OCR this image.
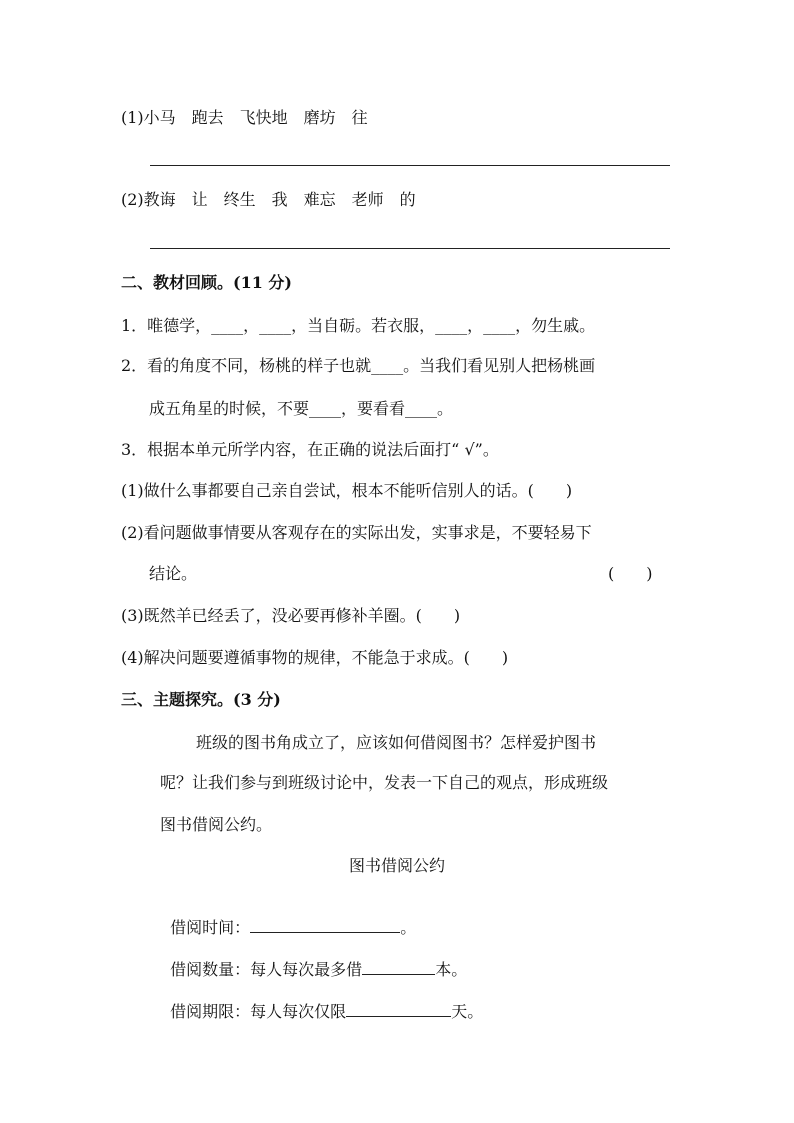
(1)小马　跑去　飞快地　磨坊　往
(2)教诲　让　终生　我　难忘　老师　的
二、教材回顾。(11 分)
1．唯德学，____，____，当自砺。若衣服，____，____，勿生戚。
2．看的角度不同，杨桃的样子也就____。当我们看见别人把杨桃画
成五角星的时候，不要____，要看看____。
3．根据本单元所学内容，在正确的说法后面打“ √”。
(1)做什么事都要自己亲自尝试，根本不能听信别人的话。(　　)
(2)看问题做事情要从客观存在的实际出发，实事求是，不要轻易下
结论。	(　　)
(3)既然羊已经丢了，没必要再修补羊圈。(　　)
(4)解决问题要遵循事物的规律，不能急于求成。(　　)
三、主题探究。(3 分)
班级的图书角成立了，应该如何借阅图书？怎样爱护图书
呢？让我们参与到班级讨论中，发表一下自己的观点，形成班级
图书借阅公约。
图书借阅公约

借阅时间：	。

借阅数量：每人每次最多借	本。

借阅期限：每人每次仅限	天。
